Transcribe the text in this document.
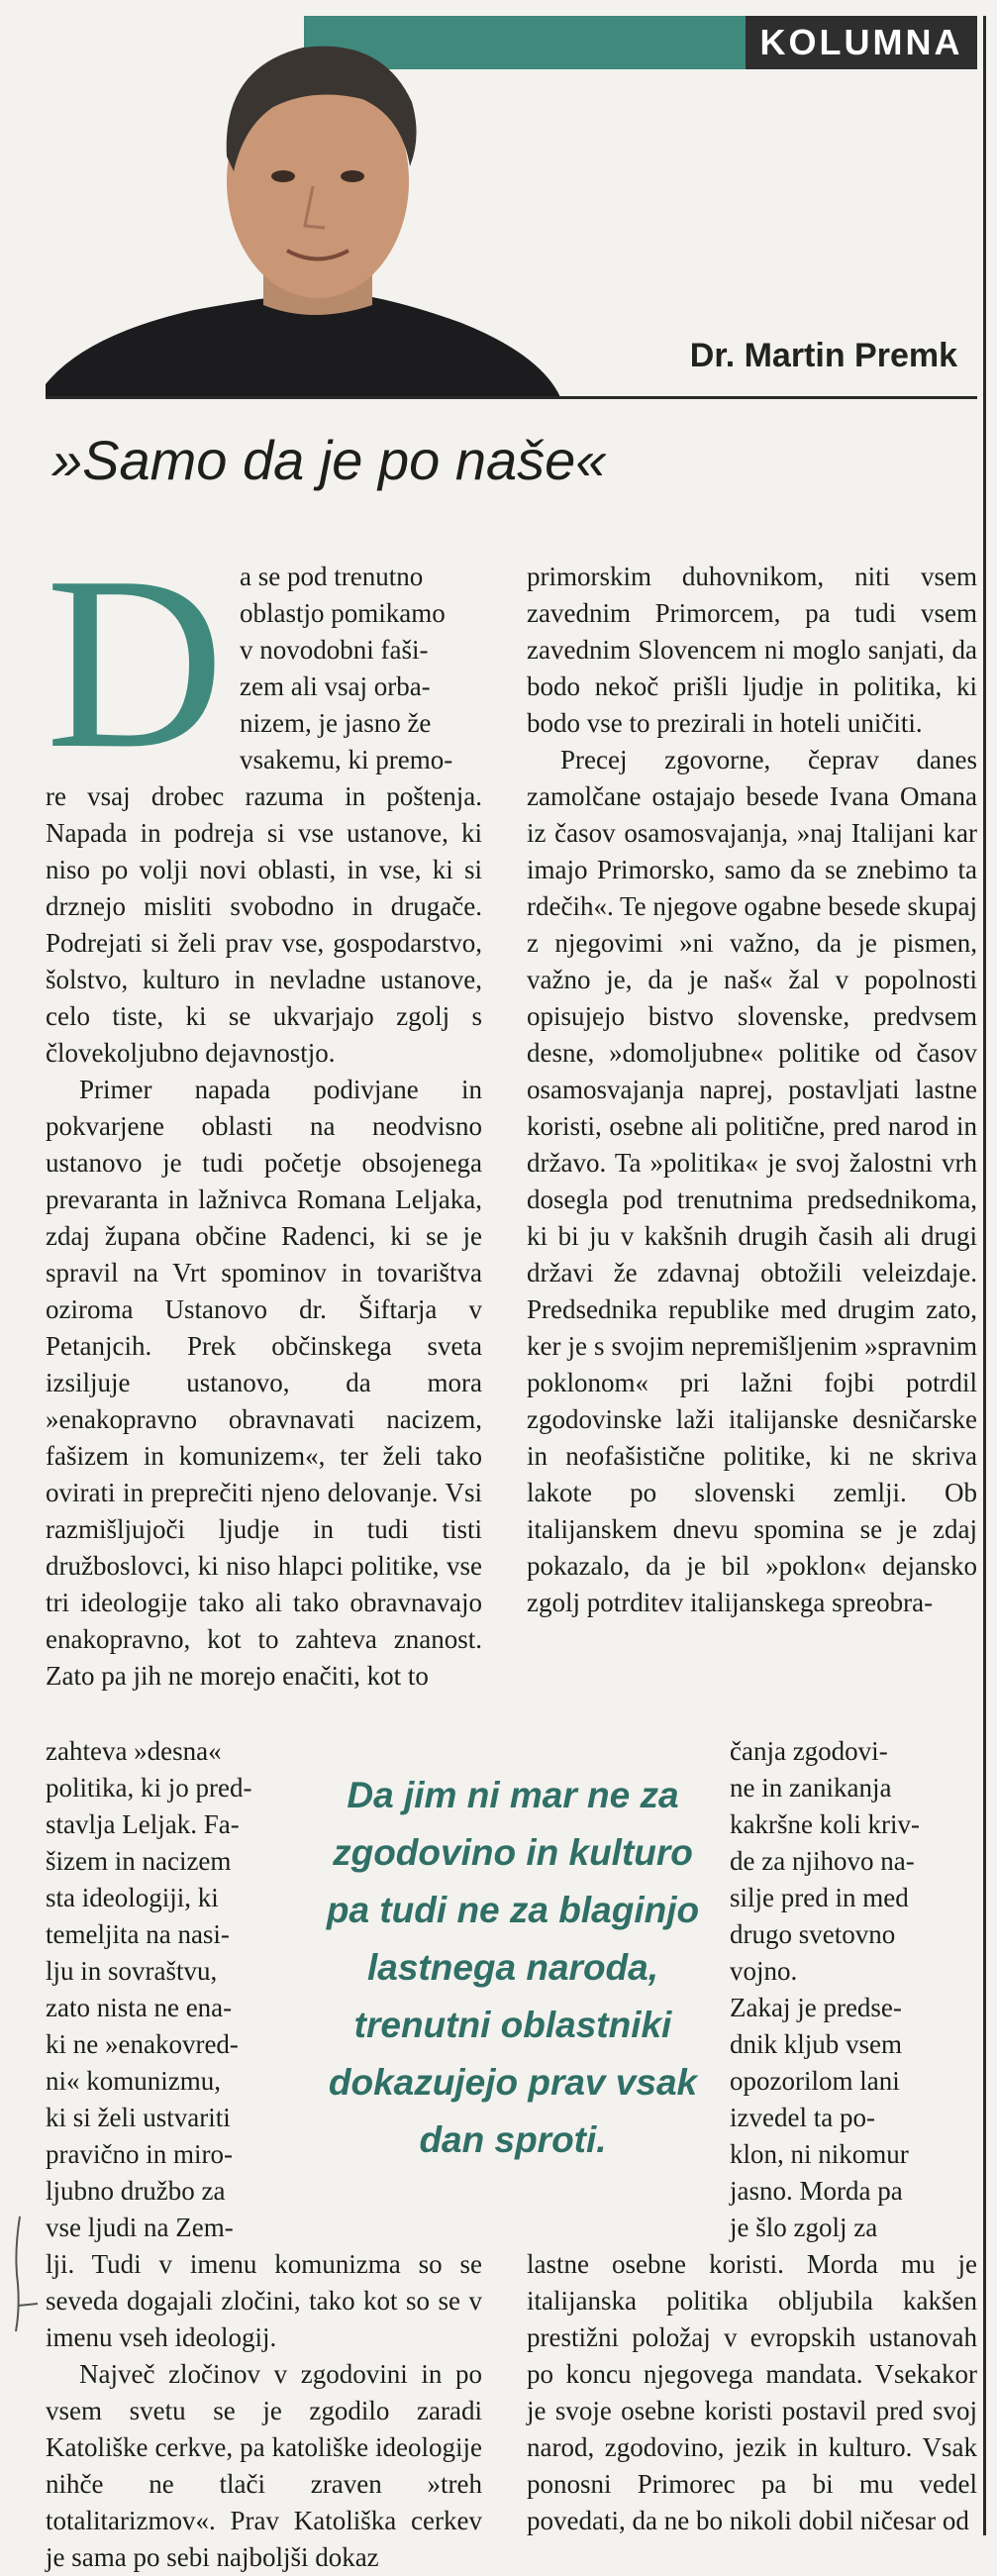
KOLUMNA
Dr. Martin Premk
»Samo da je po naše«
D a se pod trenutno
oblastjo pomikamo
v novodobni faši-
zem ali vsaj orba-
nizem, je jasno že
vsakemu, ki premo-

re vsaj drobec razuma in poštenja. Napada in podreja si vse ustanove, ki niso po volji novi oblasti, in vse, ki si drznejo misliti svobodno in drugače. Podrejati si želi prav vse, gospodarstvo, šolstvo, kulturo in nevladne ustanove, celo tiste, ki se ukvarjajo zgolj s človekoljubno dejavnostjo.

Primer napada podivjane in pokvarjene oblasti na neodvisno ustanovo je tudi početje obsojenega prevaranta in lažnivca Romana Leljaka, zdaj župana občine Radenci, ki se je spravil na Vrt spominov in tovarištva oziroma Ustanovo dr. Šiftarja v Petanjcih. Prek občinskega sveta izsiljuje ustanovo, da mora »enakopravno obravnavati nacizem, fašizem in komunizem«, ter želi tako ovirati in preprečiti njeno delovanje. Vsi razmišljujoči ljudje in tudi tisti družboslovci, ki niso hlapci politike, vse tri ideologije tako ali tako obravnavajo enakopravno, kot to zahteva znanost. Zato pa jih ne morejo enačiti, kot to

zahteva »desna«
politika, ki jo pred-
stavlja Leljak. Fa-
šizem in nacizem
sta ideologiji, ki
temeljita na nasi-
lju in sovraštvu,
zato nista ne ena-
ki ne »enakovred-
ni« komunizmu,
ki si želi ustvariti
pravično in miro-
ljubno družbo za
vse ljudi na Zem-

lji. Tudi v imenu komunizma so se seveda dogajali zločini, tako kot so se v imenu vseh ideologij.

Največ zločinov v zgodovini in po vsem svetu se je zgodilo zaradi Katoliške cerkve, pa katoliške ideologije nihče ne tlači zraven »treh totalitarizmov«. Prav Katoliška cerkev je sama po sebi najboljši dokaz

primorskim duhovnikom, niti vsem zavednim Primorcem, pa tudi vsem zavednim Slovencem ni moglo sanjati, da bodo nekoč prišli ljudje in politika, ki bodo vse to prezirali in hoteli uničiti.

Precej zgovorne, čeprav danes zamolčane ostajajo besede Ivana Omana iz časov osamosvajanja, »naj Italijani kar imajo Primorsko, samo da se znebimo ta rdečih«. Te njegove ogabne besede skupaj z njegovimi »ni važno, da je pismen, važno je, da je naš« žal v popolnosti opisujejo bistvo slovenske, predvsem desne, »domoljubne« politike od časov osamosvajanja naprej, postavljati lastne koristi, osebne ali politične, pred narod in državo. Ta »politika« je svoj žalostni vrh dosegla pod trenutnima predsednikoma, ki bi ju v kakšnih drugih časih ali drugi državi že zdavnaj obtožili veleizdaje. Predsednika republike med drugim zato, ker je s svojim nepremišljenim »spravnim poklonom« pri lažni fojbi potrdil zgodovinske laži italijanske desničarske in neofašistične politike, ki ne skriva lakote po slovenski zemlji. Ob italijanskem dnevu spomina se je zdaj pokazalo, da je bil »poklon« dejansko zgolj potrditev italijanskega spreobra-

čanja zgodovi-
ne in zanikanja
kakršne koli kriv-
de za njihovo na-
silje pred in med
drugo svetovno
vojno.
Zakaj je predse-
dnik kljub vsem
opozorilom lani
izvedel ta po-
klon, ni nikomur
jasno. Morda pa
je šlo zgolj za

lastne osebne koristi. Morda mu je italijanska politika obljubila kakšen prestižni položaj v evropskih ustanovah po koncu njegovega mandata. Vsekakor je svoje osebne koristi postavil pred svoj narod, zgodovino, jezik in kulturo. Vsak ponosni Primorec pa bi mu vedel povedati, da ne bo nikoli dobil ničesar od

Da jim ni mar ne za zgodovino in kulturo pa tudi ne za blaginjo lastnega naroda, trenutni oblastniki dokazujejo prav vsak dan sproti.
